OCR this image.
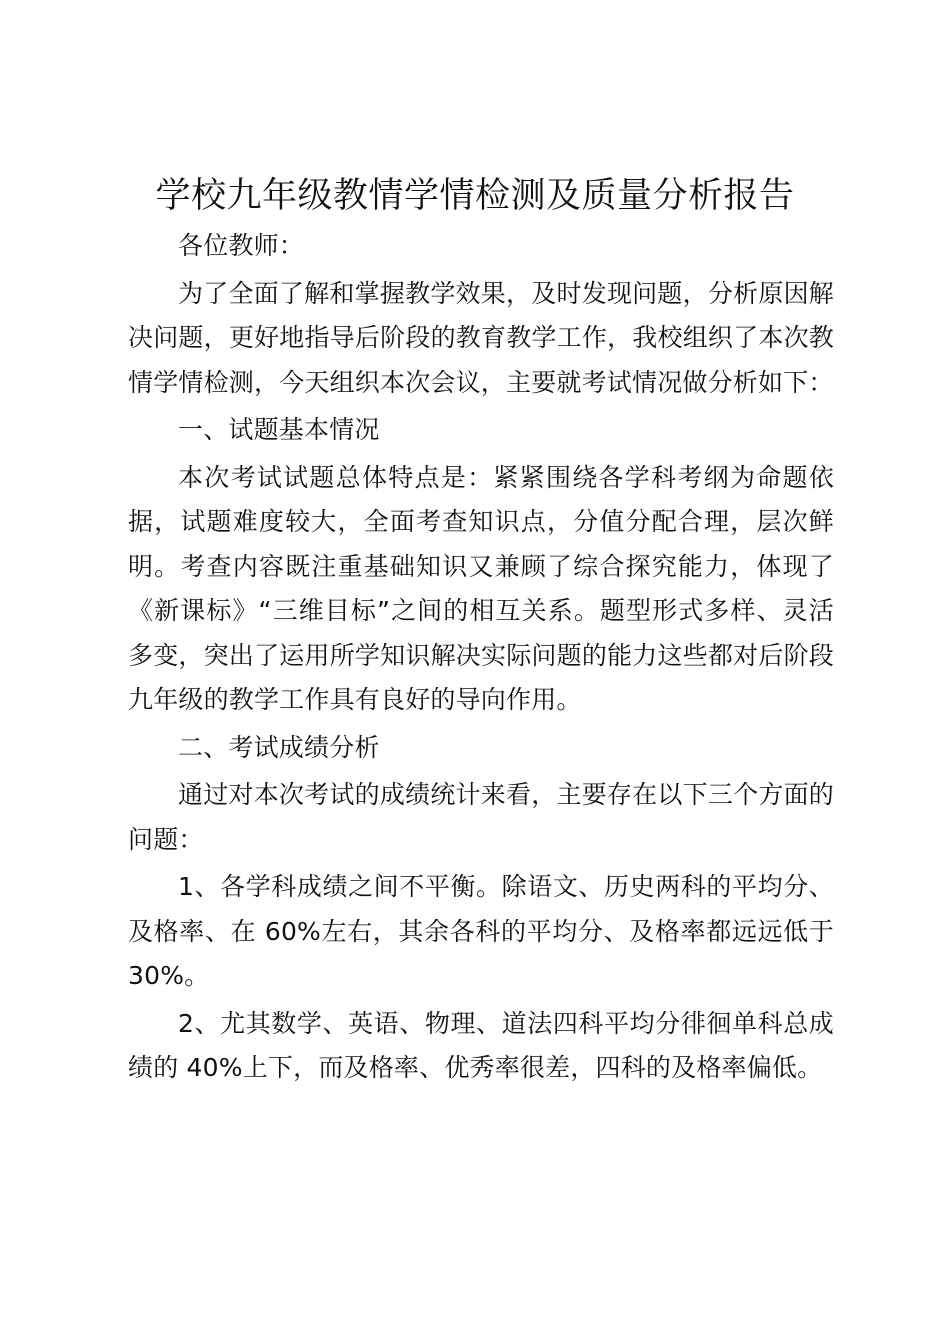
学校九年级教情学情检测及质量分析报告

各位教师：

为了全面了解和掌握教学效果，及时发现问题，分析原因解决问题，更好地指导后阶段的教育教学工作，我校组织了本次教情学情检测，今天组织本次会议，主要就考试情况做分析如下：

一、试题基本情况

本次考试试题总体特点是：紧紧围绕各学科考纲为命题依据，试题难度较大，全面考查知识点，分值分配合理，层次鲜明。考查内容既注重基础知识又兼顾了综合探究能力，体现了《新课标》“三维目标”之间的相互关系。题型形式多样、灵活多变，突出了运用所学知识解决实际问题的能力这些都对后阶段九年级的教学工作具有良好的导向作用。

二、考试成绩分析

通过对本次考试的成绩统计来看，主要存在以下三个方面的问题：

1、各学科成绩之间不平衡。除语文、历史两科的平均分、及格率、在 60%左右，其余各科的平均分、及格率都远远低于 30%。

2、尤其数学、英语、物理、道法四科平均分徘徊单科总成绩的 40%上下，而及格率、优秀率很差，四科的及格率偏低。
